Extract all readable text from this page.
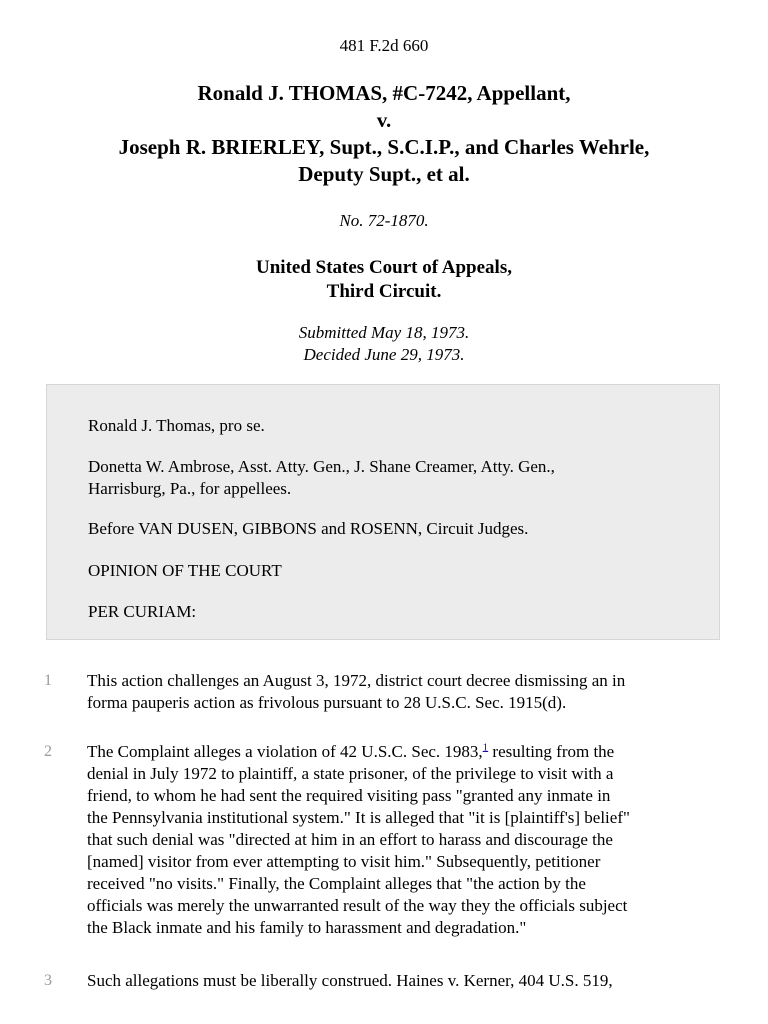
481 F.2d 660
Ronald J. THOMAS, #C-7242, Appellant,
v.
Joseph R. BRIERLEY, Supt., S.C.I.P., and Charles Wehrle,
Deputy Supt., et al.
No. 72-1870.
United States Court of Appeals,
Third Circuit.
Submitted May 18, 1973.
Decided June 29, 1973.

Ronald J. Thomas, pro se.

Donetta W. Ambrose, Asst. Atty. Gen., J. Shane Creamer, Atty. Gen.,
Harrisburg, Pa., for appellees.

Before VAN DUSEN, GIBBONS and ROSENN, Circuit Judges.

OPINION OF THE COURT

PER CURIAM:

1	This action challenges an August 3, 1972, district court decree dismissing an in
forma pauperis action as frivolous pursuant to 28 U.S.C. Sec. 1915(d).
2	The Complaint alleges a violation of 42 U.S.C. Sec. 1983,$^1$ resulting from the
denial in July 1972 to plaintiff, a state prisoner, of the privilege to visit with a
friend, to whom he had sent the required visiting pass "granted any inmate in
the Pennsylvania institutional system." It is alleged that "it is [plaintiff's] belief"
that such denial was "directed at him in an effort to harass and discourage the
[named] visitor from ever attempting to visit him." Subsequently, petitioner
received "no visits." Finally, the Complaint alleges that "the action by the
officials was merely the unwarranted result of the way they the officials subject
the Black inmate and his family to harassment and degradation."
3	Such allegations must be liberally construed. Haines v. Kerner, 404 U.S. 519,
